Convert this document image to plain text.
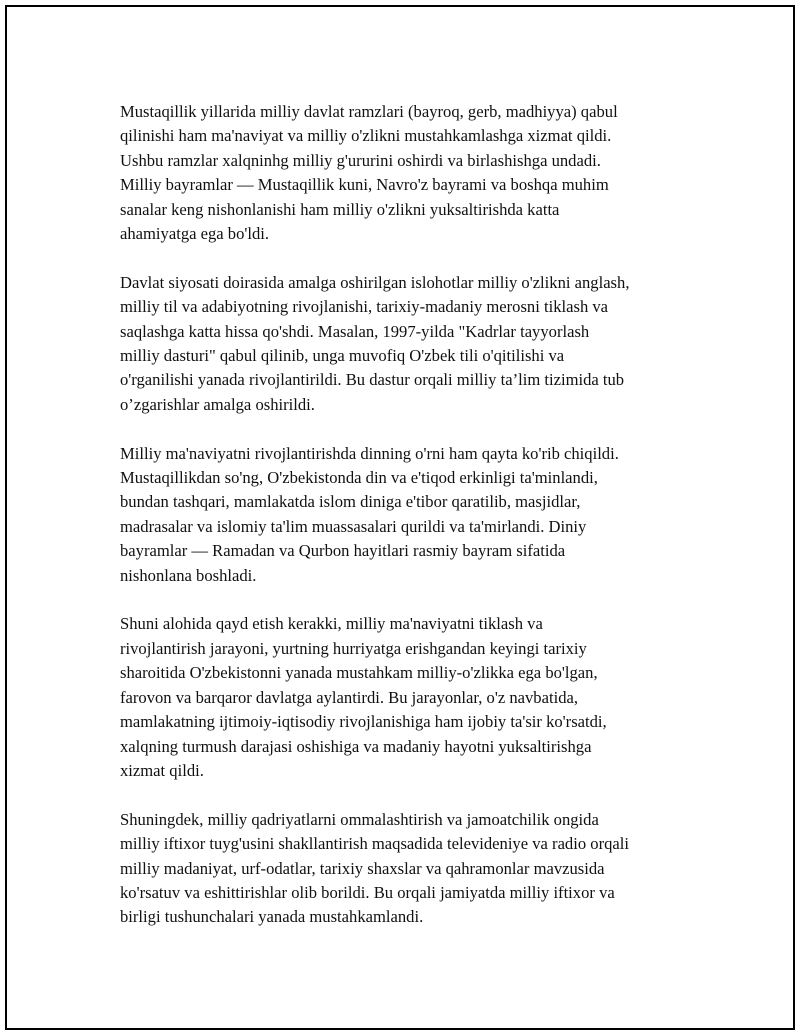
Mustaqillik yillarida milliy davlat ramzlari (bayroq, gerb, madhiyya) qabul
qilinishi ham ma'naviyat va milliy o'zlikni mustahkamlashga xizmat qildi.
Ushbu ramzlar xalqninhg milliy g'ururini oshirdi va birlashishga undadi.
Milliy bayramlar — Mustaqillik kuni, Navro'z bayrami va boshqa muhim
sanalar keng nishonlanishi ham milliy o'zlikni yuksaltirishda katta
ahamiyatga ega bo'ldi.

Davlat siyosati doirasida amalga oshirilgan islohotlar milliy o'zlikni anglash,
milliy til va adabiyotning rivojlanishi, tarixiy-madaniy merosni tiklash va
saqlashga katta hissa qo'shdi. Masalan, 1997-yilda "Kadrlar tayyorlash
milliy dasturi" qabul qilinib, unga muvofiq O'zbek tili o'qitilishi va
o'rganilishi yanada rivojlantirildi. Bu dastur orqali milliy ta’lim tizimida tub
o’zgarishlar amalga oshirildi.

Milliy ma'naviyatni rivojlantirishda dinning o'rni ham qayta ko'rib chiqildi.
Mustaqillikdan so'ng, O'zbekistonda din va e'tiqod erkinligi ta'minlandi,
bundan tashqari, mamlakatda islom diniga e'tibor qaratilib, masjidlar,
madrasalar va islomiy ta'lim muassasalari qurildi va ta'mirlandi. Diniy
bayramlar — Ramadan va Qurbon hayitlari rasmiy bayram sifatida
nishonlana boshladi.

Shuni alohida qayd etish kerakki, milliy ma'naviyatni tiklash va
rivojlantirish jarayoni, yurtning hurriyatga erishgandan keyingi tarixiy
sharoitida O'zbekistonni yanada mustahkam milliy-o'zlikka ega bo'lgan,
farovon va barqaror davlatga aylantirdi. Bu jarayonlar, o'z navbatida,
mamlakatning ijtimoiy-iqtisodiy rivojlanishiga ham ijobiy ta'sir ko'rsatdi,
xalqning turmush darajasi oshishiga va madaniy hayotni yuksaltirishga
xizmat qildi.

Shuningdek, milliy qadriyatlarni ommalashtirish va jamoatchilik ongida
milliy iftixor tuyg'usini shakllantirish maqsadida televideniye va radio orqali
milliy madaniyat, urf-odatlar, tarixiy shaxslar va qahramonlar mavzusida
ko'rsatuv va eshittirishlar olib borildi. Bu orqali jamiyatda milliy iftixor va
birligi tushunchalari yanada mustahkamlandi.
